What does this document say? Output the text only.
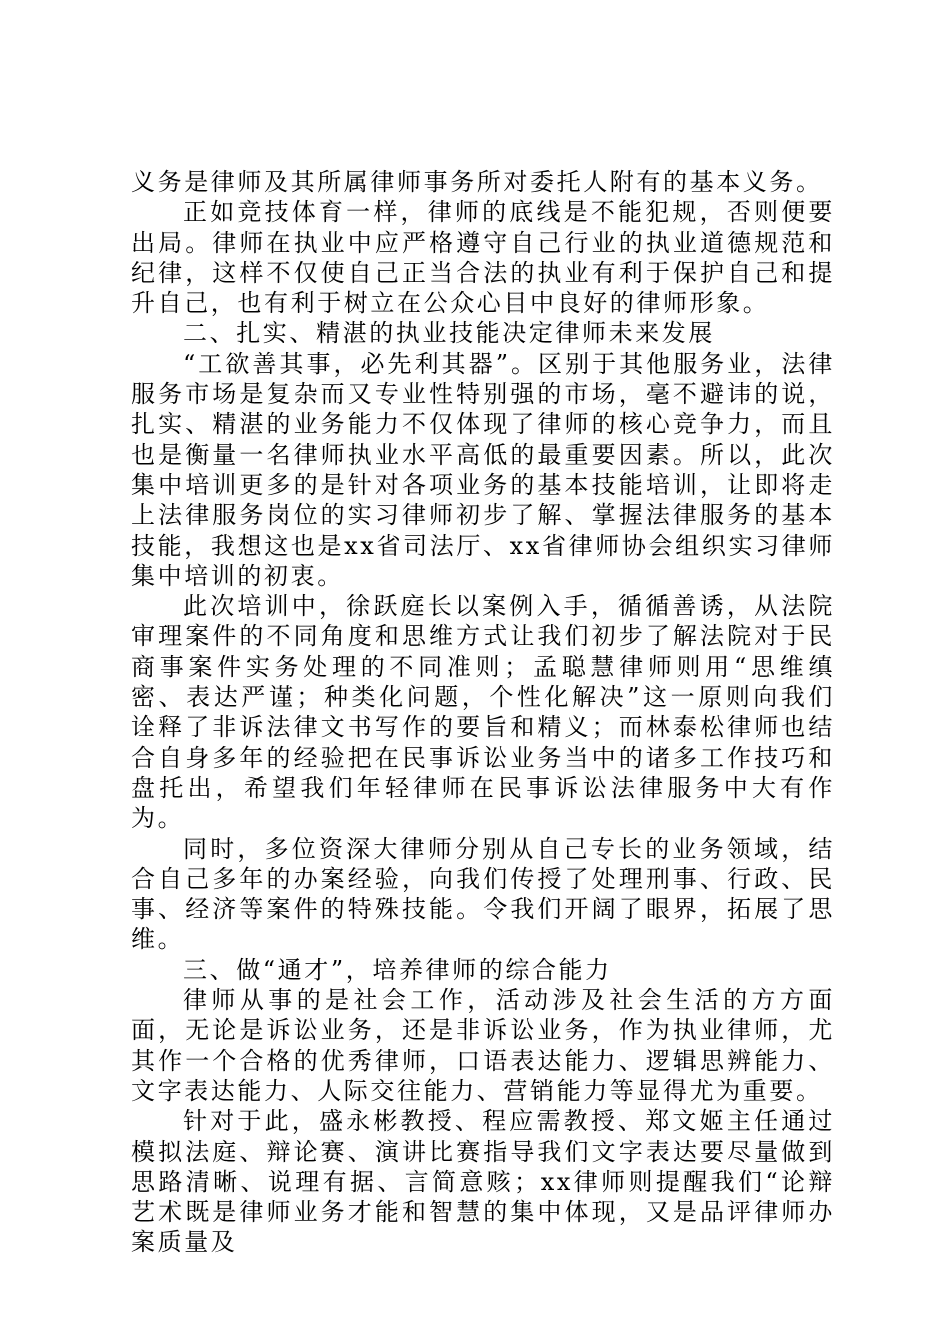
义务是律师及其所属律师事务所对委托人附有的基本义务。

正如竞技体育一样，律师的底线是不能犯规，否则便要出局。律师在执业中应严格遵守自己行业的执业道德规范和纪律，这样不仅使自己正当合法的执业有利于保护自己和提升自己，也有利于树立在公众心目中良好的律师形象。

二、扎实、精湛的执业技能决定律师未来发展

“工欲善其事，必先利其器”。区别于其他服务业，法律服务市场是复杂而又专业性特别强的市场，毫不避讳的说，扎实、精湛的业务能力不仅体现了律师的核心竞争力，而且也是衡量一名律师执业水平高低的最重要因素。所以，此次集中培训更多的是针对各项业务的基本技能培训，让即将走上法律服务岗位的实习律师初步了解、掌握法律服务的基本技能，我想这也是xx省司法厅、xx省律师协会组织实习律师集中培训的初衷。

此次培训中，徐跃庭长以案例入手，循循善诱，从法院审理案件的不同角度和思维方式让我们初步了解法院对于民商事案件实务处理的不同准则；孟聪慧律师则用“思维缜密、表达严谨；种类化问题，个性化解决”这一原则向我们诠释了非诉法律文书写作的要旨和精义；而林泰松律师也结合自身多年的经验把在民事诉讼业务当中的诸多工作技巧和盘托出，希望我们年轻律师在民事诉讼法律服务中大有作为。

同时，多位资深大律师分别从自己专长的业务领域，结合自己多年的办案经验，向我们传授了处理刑事、行政、民事、经济等案件的特殊技能。令我们开阔了眼界，拓展了思维。

三、做“通才”，培养律师的综合能力

律师从事的是社会工作，活动涉及社会生活的方方面面，无论是诉讼业务，还是非诉讼业务，作为执业律师，尤其作一个合格的优秀律师，口语表达能力、逻辑思辨能力、文字表达能力、人际交往能力、营销能力等显得尤为重要。

针对于此，盛永彬教授、程应需教授、郑文姬主任通过模拟法庭、辩论赛、演讲比赛指导我们文字表达要尽量做到思路清晰、说理有据、言简意赅；xx律师则提醒我们“论辩艺术既是律师业务才能和智慧的集中体现，又是品评律师办案质量及
